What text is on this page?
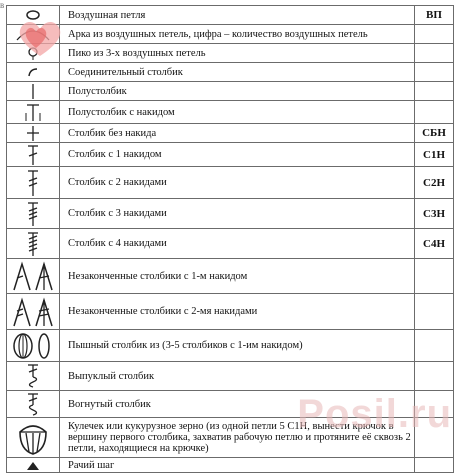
в
	Воздушная петля	ВП

	Арка из воздушных петель, цифра – количество воздушных петель	

	Пико из 3-х воздушных петель	

	Соединительный столбик	

	Полустолбик	

	Полустолбик с накидом	

	Столбик без накида	СБН

	Столбик с 1 накидом	С1Н

	Столбик с 2 накидами	С2Н

	Столбик с 3 накидами	С3Н

	Столбик с 4 накидами	С4Н

	Незаконченные столбики с 1-м накидом	

	Незаконченные столбики с 2-мя накидами	

	Пышный столбик из (3-5 столбиков с 1-им накидом)	

	Выпуклый столбик	

	Вогнутый столбик	

	Кулечек или кукурузное зерно (из одной петли 5 С1Н, вынести крючок в вершину первого столбика, захватив рабочую петлю и протяните её сквозь 2 петли, находящиеся на крючке)	

	Рачий шаг	
Posil.ru
